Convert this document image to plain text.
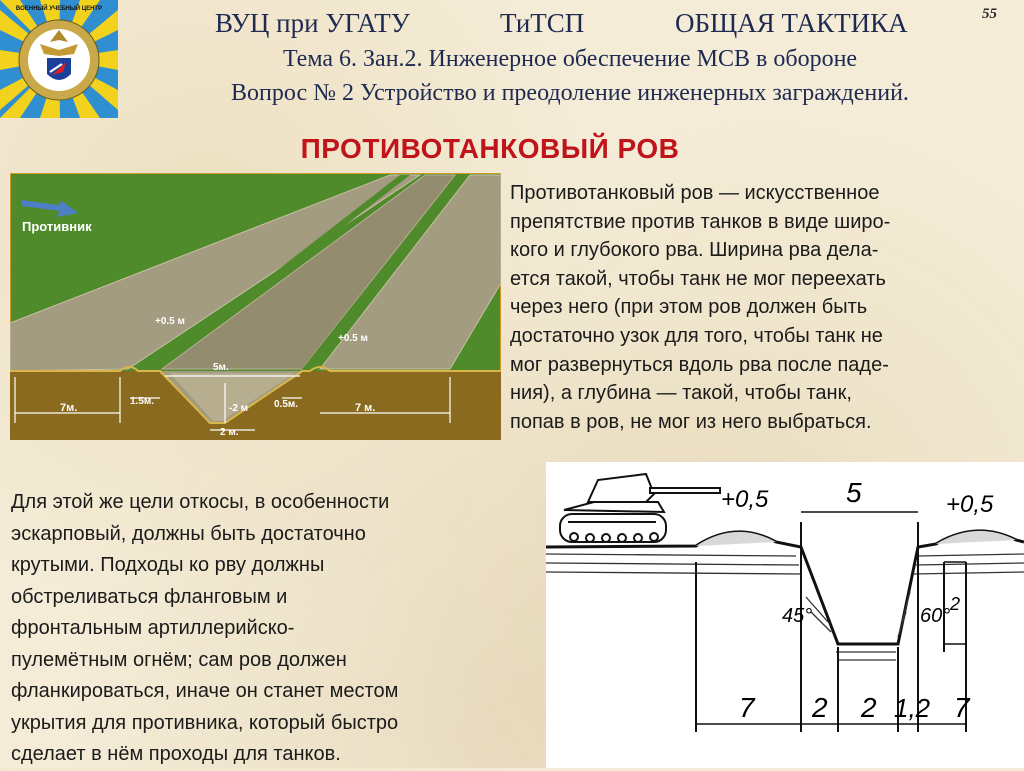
ВОЕННЫЙ УЧЕБНЫЙ ЦЕНТР	ВУЦ при УГАТУ	ТиТСП	ОБЩАЯ ТАКТИКА	55
Тема 6. Зан.2. Инженерное обеспечение МСВ в обороне
Вопрос № 2 Устройство и преодоление инженерных заграждений.
ПРОТИВОТАНКОВЫЙ РОВ
Противник
+0.5 м
+0.5 м
5м.
-2 м
2 м.
1.5м.	0.5м.
7м.	7 м.
Противотанковый ров — искусственное
препятствие против танков в виде широ-
кого и глубокого рва. Ширина рва дела-
ется такой, чтобы танк не мог переехать
через него (при этом ров должен быть
достаточно узок для того, чтобы танк не
мог развернуться вдоль рва после паде-
ния), а глубина — такой, чтобы танк,
попав в ров, не мог из него выбраться.
Для этой же цели откосы, в особенности
эскарповый, должны быть достаточно
крутыми. Подходы ко рву должны
обстреливаться фланговым и
фронтальным артиллерийско-
пулемётным огнём; сам ров должен
фланкироваться, иначе он станет местом
укрытия для противника, который быстро
сделает в нём проходы для танков.
+0,5	+0,5
5
45°	60°
2
7 2 2 1,2 7
